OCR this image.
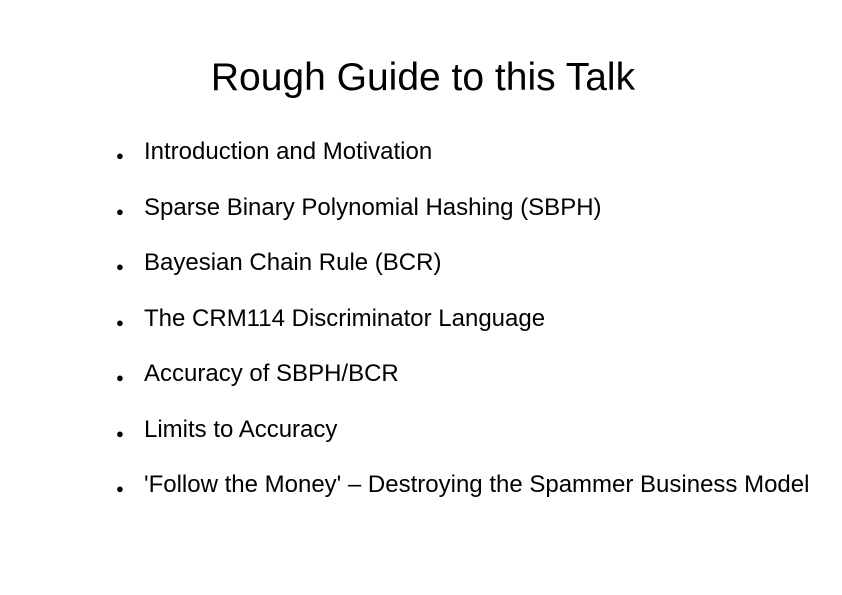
Rough Guide to this Talk
● Introduction and Motivation
● Sparse Binary Polynomial Hashing (SBPH)
● Bayesian Chain Rule (BCR)
● The CRM114 Discriminator Language
● Accuracy of SBPH/BCR
● Limits to Accuracy
● 'Follow the Money' – Destroying the Spammer Business Model
